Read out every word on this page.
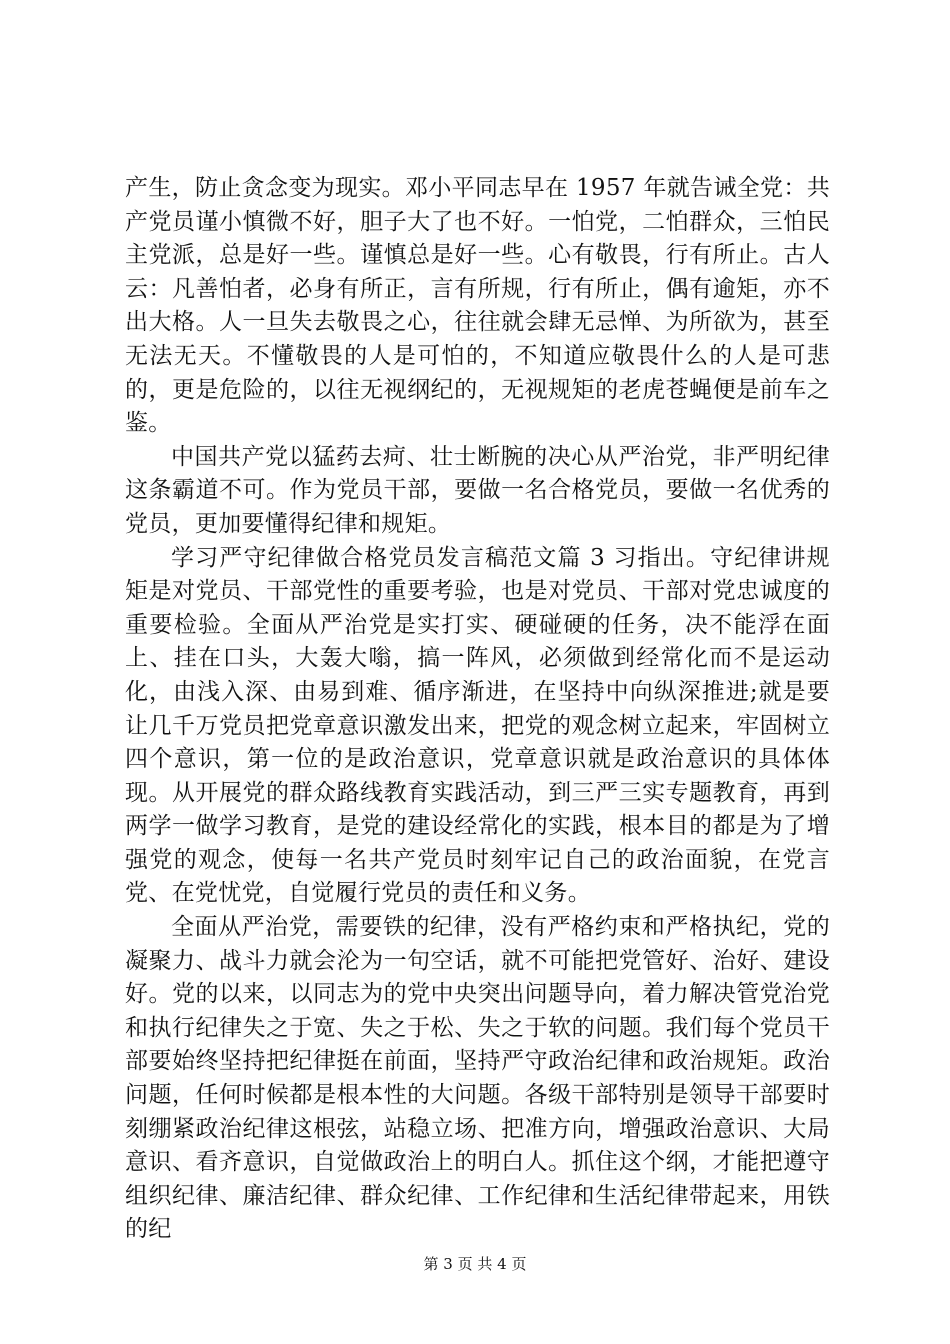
产生，防止贪念变为现实。邓小平同志早在 1957 年就告诫全党：共产党员谨小慎微不好，胆子大了也不好。一怕党，二怕群众，三怕民主党派，总是好一些。谨慎总是好一些。心有敬畏，行有所止。古人云：凡善怕者，必身有所正，言有所规，行有所止，偶有逾矩，亦不出大格。人一旦失去敬畏之心，往往就会肆无忌惮、为所欲为，甚至无法无天。不懂敬畏的人是可怕的，不知道应敬畏什么的人是可悲的，更是危险的，以往无视纲纪的，无视规矩的老虎苍蝇便是前车之鉴。

中国共产党以猛药去疴、壮士断腕的决心从严治党，非严明纪律这条霸道不可。作为党员干部，要做一名合格党员，要做一名优秀的党员，更加要懂得纪律和规矩。

学习严守纪律做合格党员发言稿范文篇 3 习指出。守纪律讲规矩是对党员、干部党性的重要考验，也是对党员、干部对党忠诚度的重要检验。全面从严治党是实打实、硬碰硬的任务，决不能浮在面上、挂在口头，大轰大嗡，搞一阵风，必须做到经常化而不是运动化，由浅入深、由易到难、循序渐进，在坚持中向纵深推进;就是要让几千万党员把党章意识激发出来，把党的观念树立起来，牢固树立四个意识，第一位的是政治意识，党章意识就是政治意识的具体体现。从开展党的群众路线教育实践活动，到三严三实专题教育，再到两学一做学习教育，是党的建设经常化的实践，根本目的都是为了增强党的观念，使每一名共产党员时刻牢记自己的政治面貌，在党言党、在党忧党，自觉履行党员的责任和义务。

全面从严治党，需要铁的纪律，没有严格约束和严格执纪，党的凝聚力、战斗力就会沦为一句空话，就不可能把党管好、治好、建设好。党的以来，以同志为的党中央突出问题导向，着力解决管党治党和执行纪律失之于宽、失之于松、失之于软的问题。我们每个党员干部要始终坚持把纪律挺在前面，坚持严守政治纪律和政治规矩。政治问题，任何时候都是根本性的大问题。各级干部特别是领导干部要时刻绷紧政治纪律这根弦，站稳立场、把准方向，增强政治意识、大局意识、看齐意识，自觉做政治上的明白人。抓住这个纲，才能把遵守组织纪律、廉洁纪律、群众纪律、工作纪律和生活纪律带起来，用铁的纪

第 3 页 共 4 页
